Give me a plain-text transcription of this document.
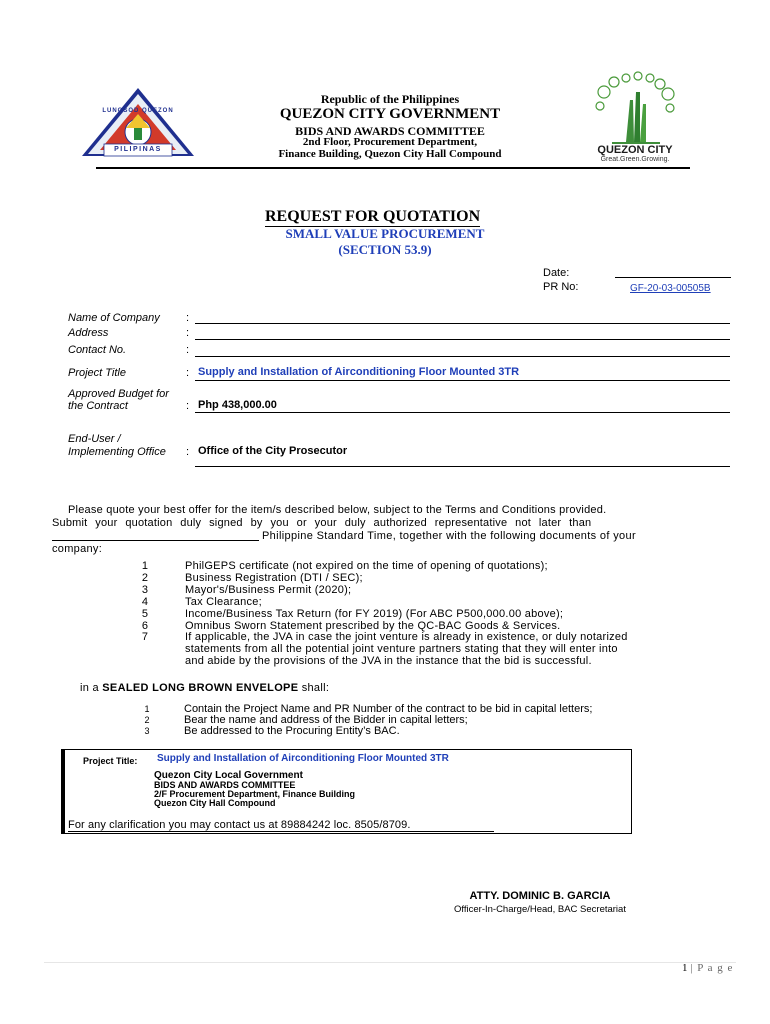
PILIPINAS
LUNGSOD QUEZON
Republic of the Philippines
QUEZON CITY GOVERNMENT
BIDS AND AWARDS COMMITTEE
2nd Floor, Procurement Department,
Finance Building, Quezon City Hall Compound	QUEZON CITY
Great.Green.Growing.
REQUEST FOR QUOTATION
SMALL VALUE PROCUREMENT
(SECTION 53.9)
Date:
PR No:	GF-20-03-00505B
Name of Company :
Address	:
Contact No.	:
Project Title	: Supply and Installation of Airconditioning Floor Mounted 3TR
Approved Budget for
the Contract	: Php 438,000.00
End-User /
Implementing Office : Office of the City Prosecutor
Please quote your best offer for the item/s described below, subject to the Terms and Conditions provided.
Submit your quotation duly signed by you or your duly authorized representative not later than
Philippine Standard Time, together with the following documents of your
company:
1	PhilGEPS certificate (not expired on the time of opening of quotations);
2	Business Registration (DTI / SEC);
3	Mayor's/Business Permit (2020);
4	Tax Clearance;
5	Income/Business Tax Return (for FY 2019) (For ABC P500,000.00 above);
6	Omnibus Sworn Statement prescribed by the QC-BAC Goods & Services.
7	If applicable, the JVA in case the joint venture is already in existence, or duly notarized
statements from all the potential joint venture partners stating that they will enter into
and abide by the provisions of the JVA in the instance that the bid is successful.
in a SEALED LONG BROWN ENVELOPE shall:
1	Contain the Project Name and PR Number of the contract to be bid in capital letters;
2	Bear the name and address of the Bidder in capital letters;
3	Be addressed to the Procuring Entity’s BAC.
Project Title: Supply and Installation of Airconditioning Floor Mounted 3TR
Quezon City Local Government
BIDS AND AWARDS COMMITTEE
2/F Procurement Department, Finance Building
Quezon City Hall Compound
For any clarification you may contact us at 89884242 loc. 8505/8709.
ATTY. DOMINIC B. GARCIA
Officer-In-Charge/Head, BAC Secretariat
1 | P a g e
